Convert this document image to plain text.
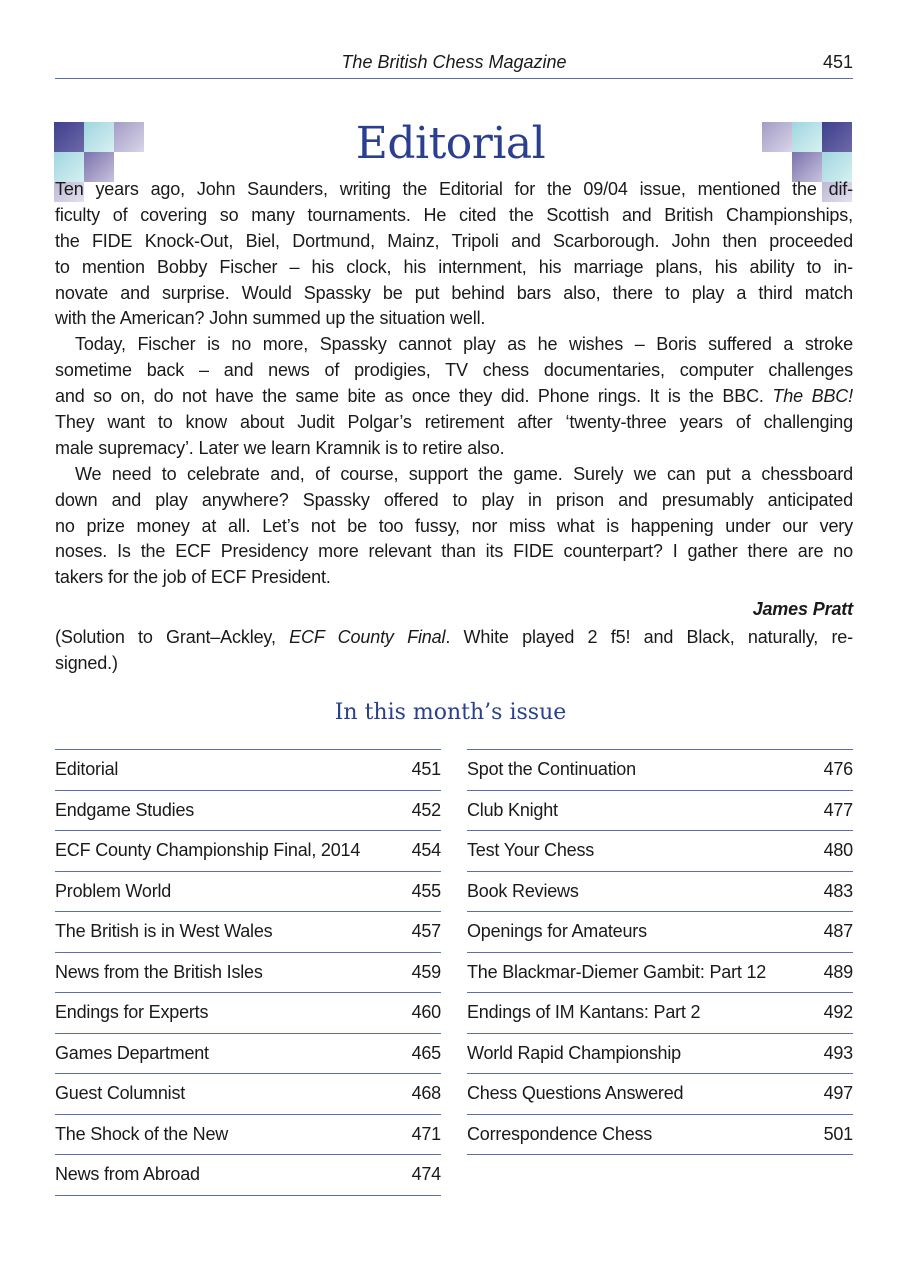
The British Chess Magazine	451
Editorial
Ten years ago, John Saunders, writing the Editorial for the 09/04 issue, mentioned the dif-
ficulty of covering so many tournaments. He cited the Scottish and British Championships,
the FIDE Knock-Out, Biel, Dortmund, Mainz, Tripoli and Scarborough. John then proceeded
to mention Bobby Fischer – his clock, his internment, his marriage plans, his ability to in-
novate and surprise. Would Spassky be put behind bars also, there to play a third match
with the American? John summed up the situation well.
Today, Fischer is no more, Spassky cannot play as he wishes – Boris suffered a stroke
sometime back – and news of prodigies, TV chess documentaries, computer challenges
and so on, do not have the same bite as once they did. Phone rings. It is the BBC. The BBC!
They want to know about Judit Polgar’s retirement after ‘twenty-three years of challenging
male supremacy’. Later we learn Kramnik is to retire also.
We need to celebrate and, of course, support the game. Surely we can put a chessboard
down and play anywhere? Spassky offered to play in prison and presumably anticipated
no prize money at all. Let’s not be too fussy, nor miss what is happening under our very
noses. Is the ECF Presidency more relevant than its FIDE counterpart? I gather there are no
takers for the job of ECF President.
James Pratt
(Solution to Grant–Ackley, ECF County Final. White played 2 f5! and Black, naturally, re-
signed.)
In this month’s issue
Editorial	451
Endgame Studies	452
ECF County Championship Final, 2014	454
Problem World	455
The British is in West Wales	457
News from the British Isles	459
Endings for Experts	460
Games Department	465
Guest Columnist	468
The Shock of the New	471
News from Abroad	474
Spot the Continuation	476
Club Knight	477
Test Your Chess	480
Book Reviews	483
Openings for Amateurs	487
The Blackmar-Diemer Gambit: Part 12	489
Endings of IM Kantans: Part 2	492
World Rapid Championship	493
Chess Questions Answered	497
Correspondence Chess	501
